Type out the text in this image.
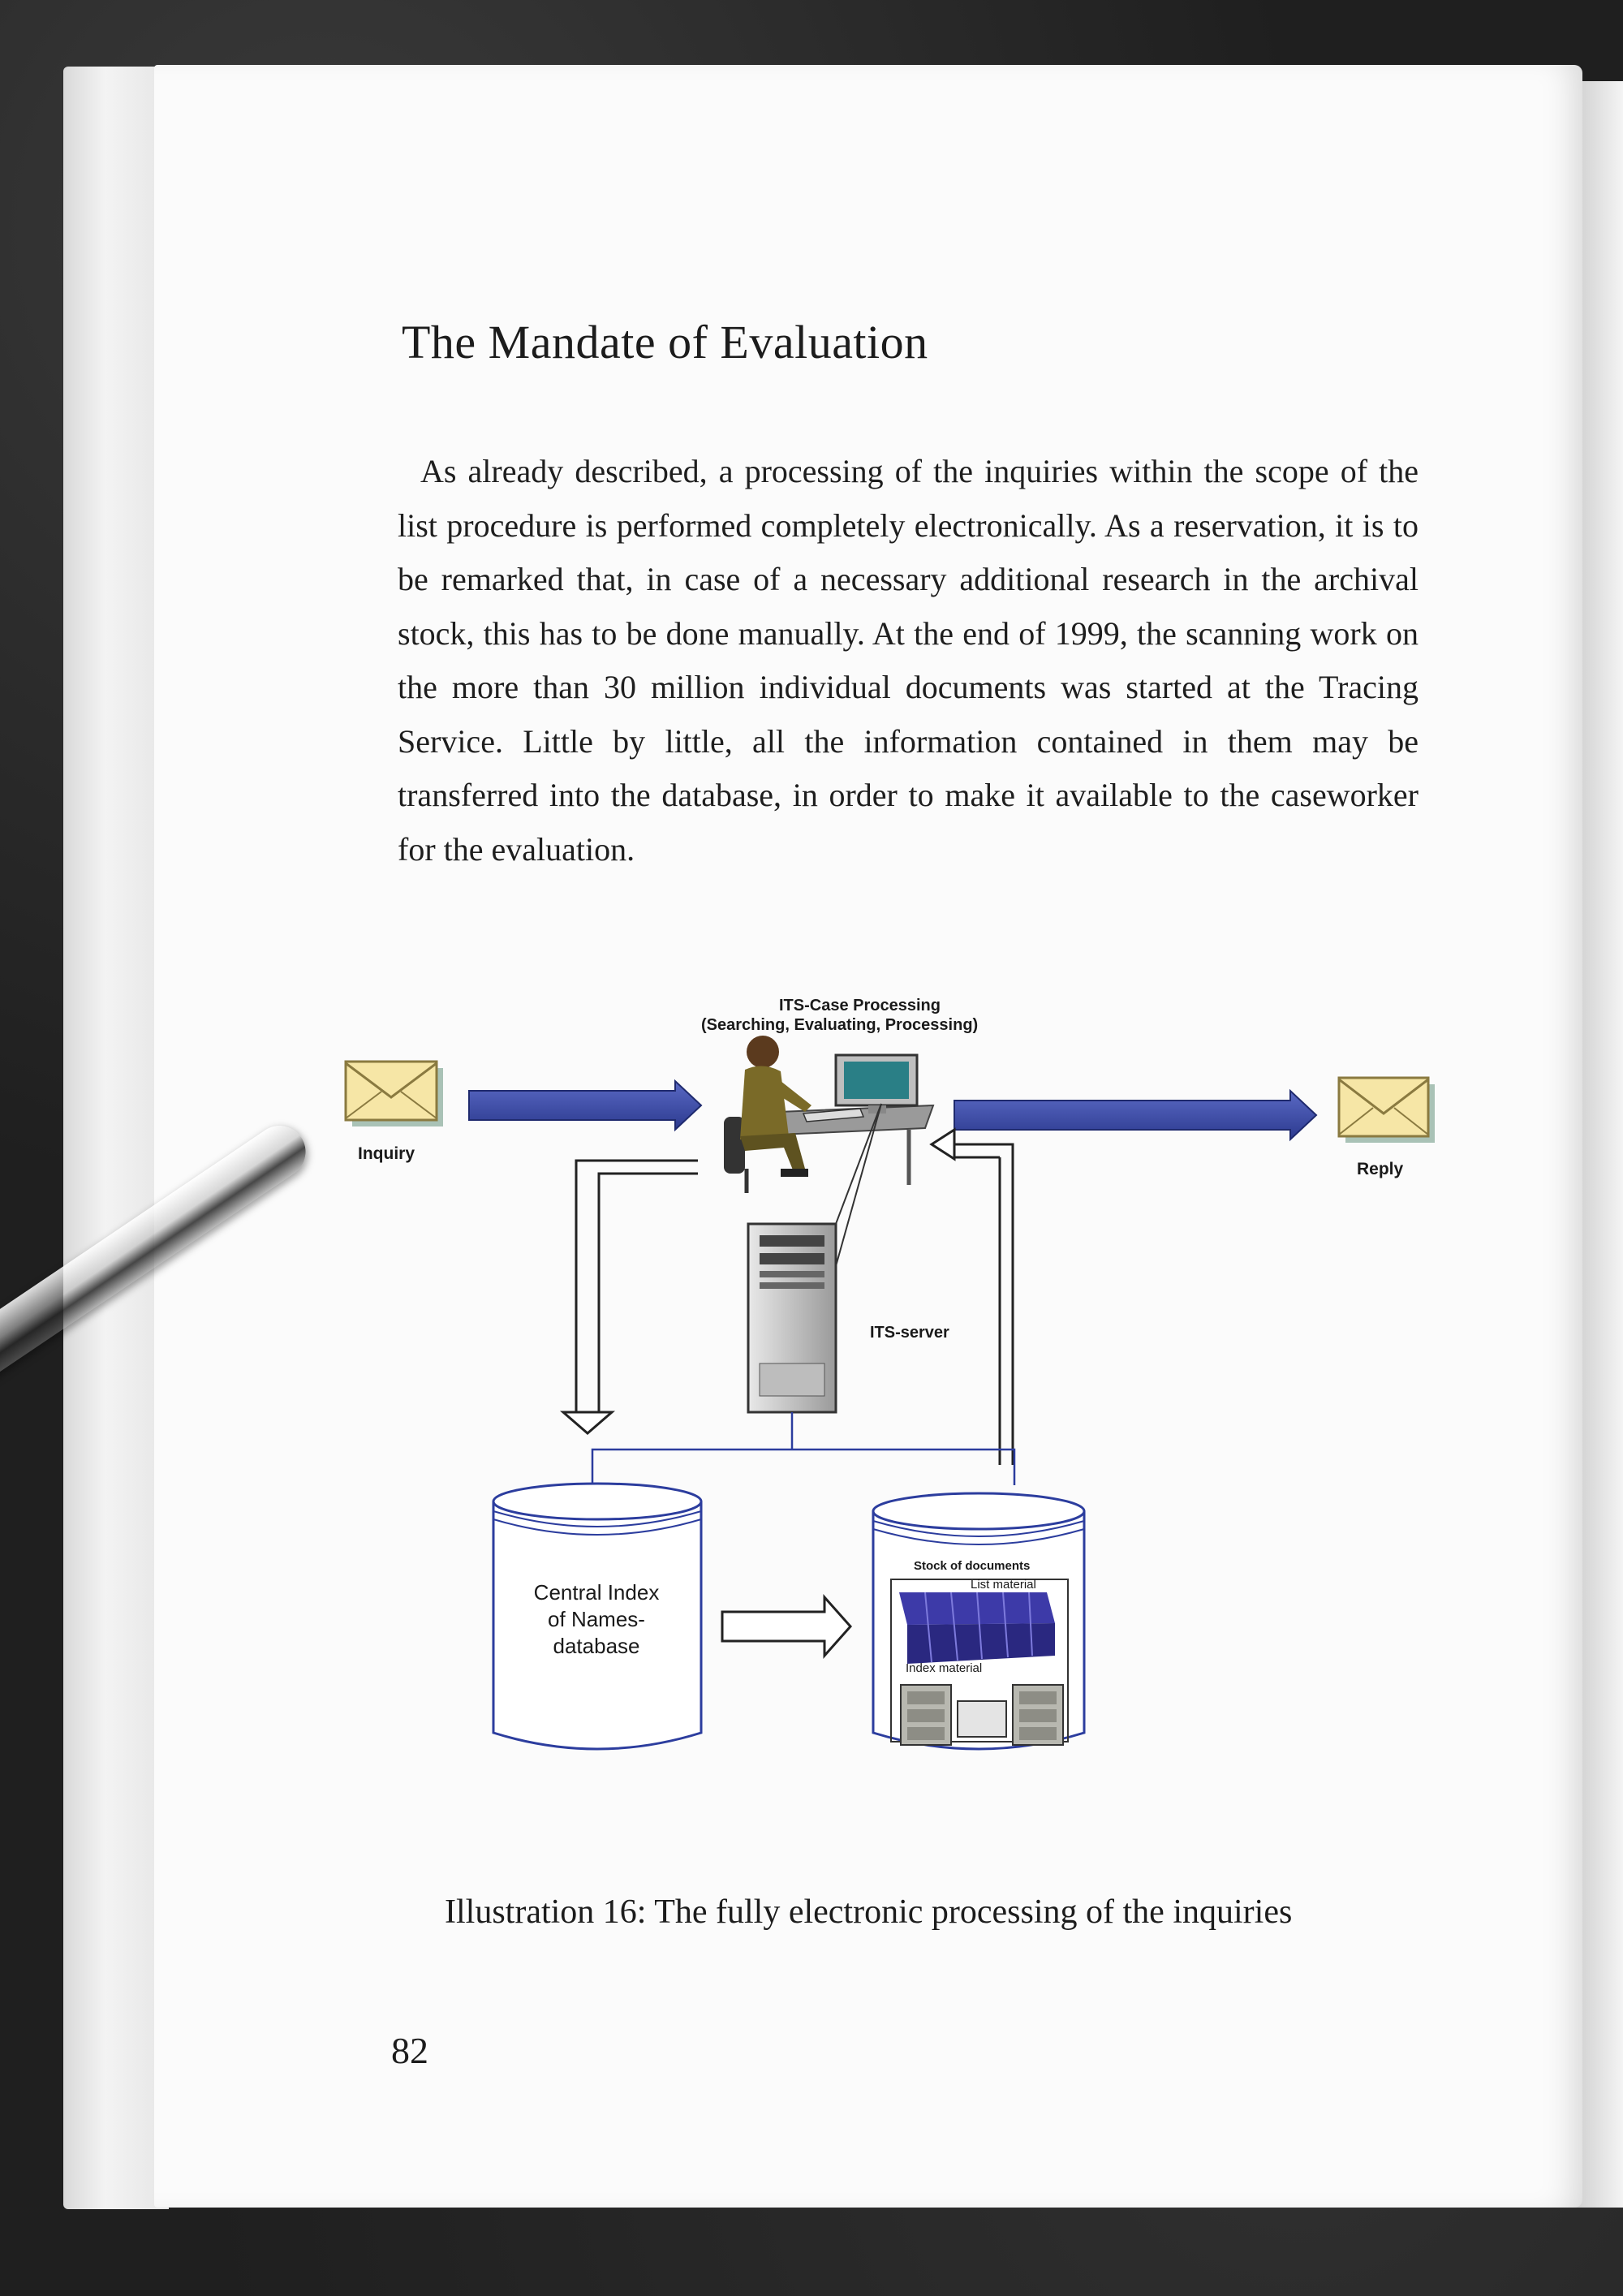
The Mandate of Evaluation
As already described, a processing of the inquiries within the scope of the list procedure is performed completely electronically. As a reservation, it is to be remarked that, in case of a necessary additional research in the archival stock, this has to be done manually. At the end of 1999, the scanning work on the more than 30 million individual documents was started at the Tracing Service. Little by little, all the information contained in them may be transferred into the database, in order to make it available to the caseworker for the evaluation.
ITS-Case Processing
(Searching, Evaluating, Processing)
Inquiry
Reply
ITS-server
Central Index
of Names-
database
Stock of documents
List material
Index material
Illustration 16: The fully electronic processing of the inquiries
82
